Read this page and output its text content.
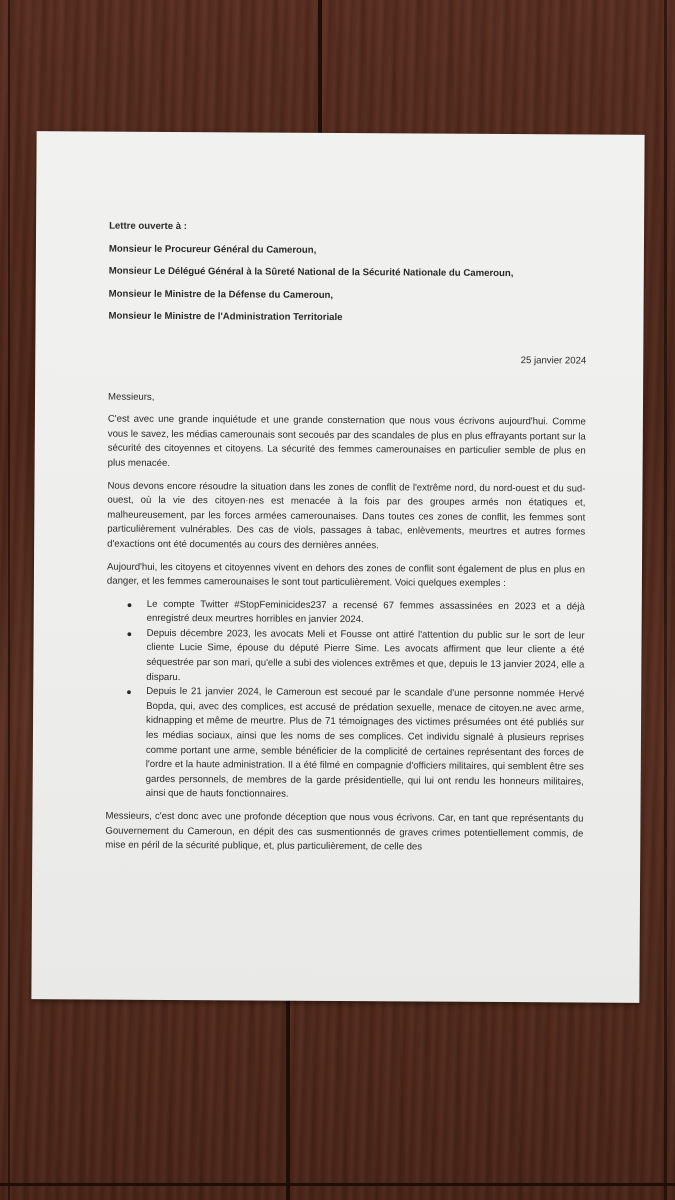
Lettre ouverte à :
Monsieur le Procureur Général du Cameroun,
Monsieur Le Délégué Général à la Sûreté National de la Sécurité Nationale du Cameroun,
Monsieur le Ministre de la Défense du Cameroun,
Monsieur le Ministre de l'Administration Territoriale
25 janvier 2024
Messieurs,

C'est avec une grande inquiétude et une grande consternation que nous vous écrivons aujourd'hui. Comme vous le savez, les médias camerounais sont secoués par des scandales de plus en plus effrayants portant sur la sécurité des citoyennes et citoyens. La sécurité des femmes camerounaises en particulier semble de plus en plus menacée.

Nous devons encore résoudre la situation dans les zones de conflit de l'extrême nord, du nord-ouest et du sud-ouest, où la vie des citoyen·nes est menacée à la fois par des groupes armés non étatiques et, malheureusement, par les forces armées camerounaises. Dans toutes ces zones de conflit, les femmes sont particulièrement vulnérables. Des cas de viols, passages à tabac, enlèvements, meurtres et autres formes d'exactions ont été documentés au cours des dernières années.

Aujourd'hui, les citoyens et citoyennes vivent en dehors des zones de conflit sont également de plus en plus en danger, et les femmes camerounaises le sont tout particulièrement. Voici quelques exemples :

● Le compte Twitter #StopFeminicides237 a recensé 67 femmes assassinées en 2023 et a déjà enregistré deux meurtres horribles en janvier 2024.
● Depuis décembre 2023, les avocats Meli et Fousse ont attiré l'attention du public sur le sort de leur cliente Lucie Sime, épouse du député Pierre Sime. Les avocats affirment que leur cliente a été séquestrée par son mari, qu'elle a subi des violences extrêmes et que, depuis le 13 janvier 2024, elle a disparu.
● Depuis le 21 janvier 2024, le Cameroun est secoué par le scandale d'une personne nommée Hervé Bopda, qui, avec des complices, est accusé de prédation sexuelle, menace de citoyen.ne avec arme, kidnapping et même de meurtre. Plus de 71 témoignages des victimes présumées ont été publiés sur les médias sociaux, ainsi que les noms de ses complices. Cet individu signalé à plusieurs reprises comme portant une arme, semble bénéficier de la complicité de certaines représentant des forces de l'ordre et la haute administration. Il a été filmé en compagnie d'officiers militaires, qui semblent être ses gardes personnels, de membres de la garde présidentielle, qui lui ont rendu les honneurs militaires, ainsi que de hauts fonctionnaires.

Messieurs, c'est donc avec une profonde déception que nous vous écrivons. Car, en tant que représentants du Gouvernement du Cameroun, en dépit des cas susmentionnés de graves crimes potentiellement commis, de mise en péril de la sécurité publique, et, plus particulièrement, de celle des
